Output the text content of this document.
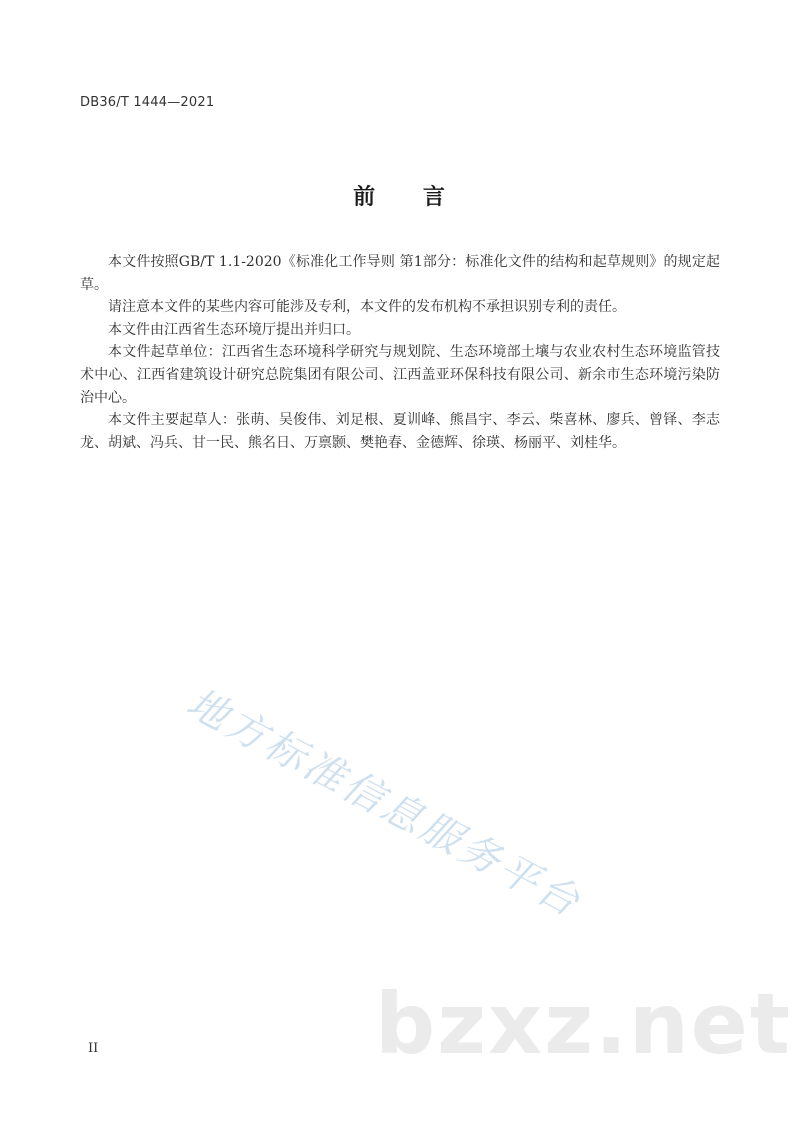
DB36/T 1444—2021
前 言

本文件按照GB/T 1.1-2020《标准化工作导则 第1部分：标准化文件的结构和起草规则》的规定起草。

请注意本文件的某些内容可能涉及专利，本文件的发布机构不承担识别专利的责任。

本文件由江西省生态环境厅提出并归口。

本文件起草单位：江西省生态环境科学研究与规划院、生态环境部土壤与农业农村生态环境监管技术中心、江西省建筑设计研究总院集团有限公司、江西盖亚环保科技有限公司、新余市生态环境污染防治中心。

本文件主要起草人：张萌、吴俊伟、刘足根、夏训峰、熊昌宇、李云、柴喜林、廖兵、曾铎、李志龙、胡斌、冯兵、甘一民、熊名日、万禀颢、樊艳春、金德辉、徐瑛、杨丽平、刘桂华。

地方标准信息服务平台
bzxz.net
II
